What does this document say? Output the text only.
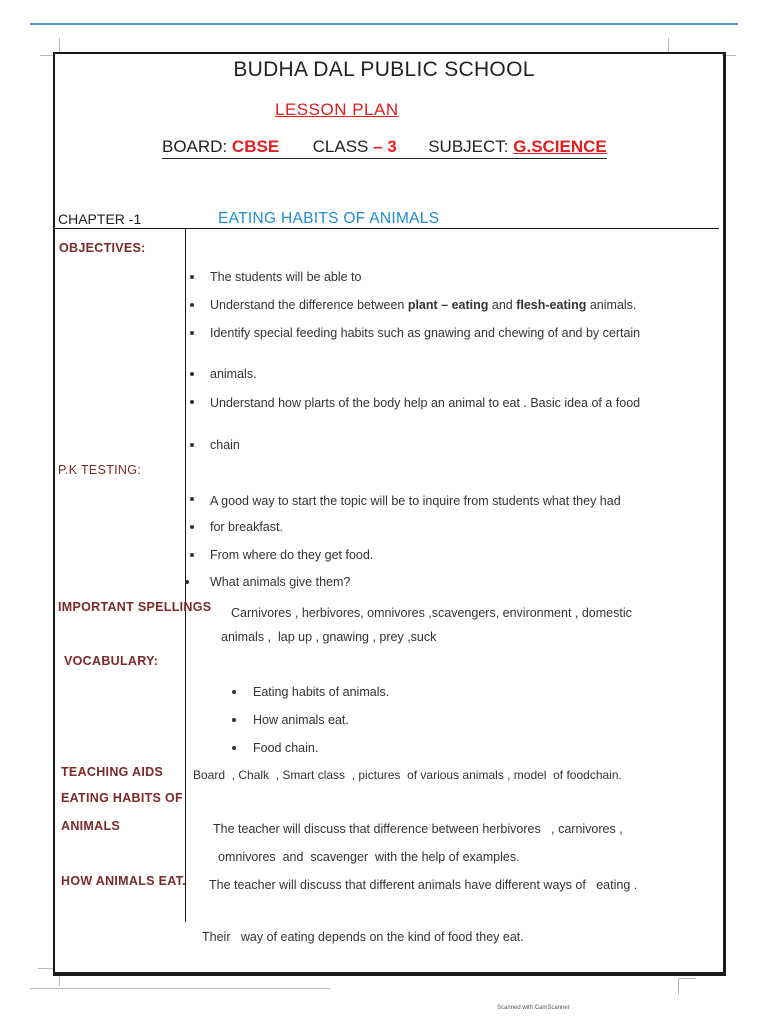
BUDHA DAL PUBLIC SCHOOL
LESSON PLAN
BOARD: CBSE CLASS – 3 SUBJECT: G.SCIENCE
CHAPTER -1	EATING HABITS OF ANIMALS
OBJECTIVES:
The students will be able to
Understand the difference between plant – eating and flesh-eating animals.
Identify special feeding habits such as gnawing and chewing of and by certain
animals.
Understand how plarts of the body help an animal to eat . Basic idea of a food
chain
P.K TESTING:
A good way to start the topic will be to inquire from students what they had
for breakfast.
From where do they get food.
What animals give them?
IMPORTANT SPELLINGS Carnivores , herbivores, omnivores ,scavengers, environment , domestic
animals ,  lap up , gnawing , prey ,suck
VOCABULARY:
Eating habits of animals.
How animals eat.
Food chain.
TEACHING AIDS Board  , Chalk  , Smart class  , pictures  of various animals , model  of foodchain.
EATING HABITS OF
ANIMALS	The teacher will discuss that difference between herbivores   , carnivores ,
omnivores  and  scavenger  with the help of examples.
HOW ANIMALS EAT. The teacher will discuss that different animals have different ways of   eating .
Their   way of eating depends on the kind of food they eat.
Scanned with CamScanner
